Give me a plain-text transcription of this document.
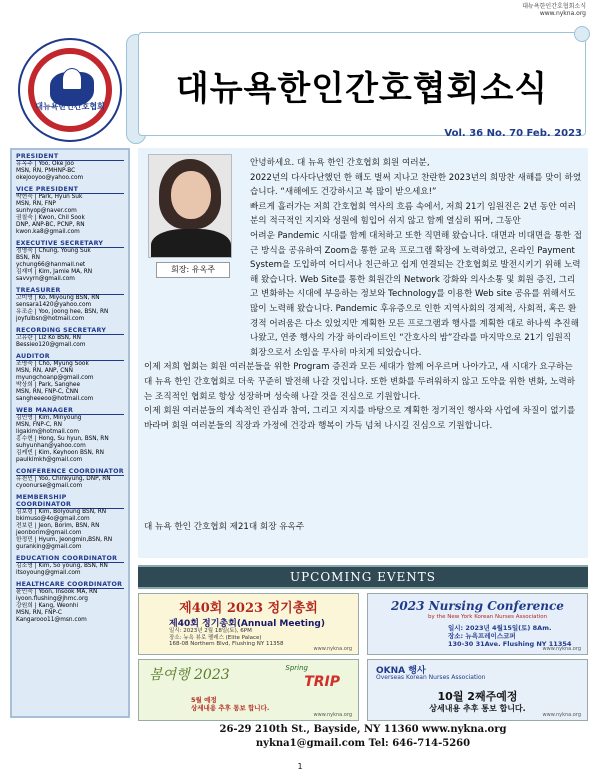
대뉴욕한인간호협회소식
www.nykna.org
대뉴욕한인간호협회	대뉴욕한인간호협회소식
Vol. 36 No. 70 Feb. 2023
PRESIDENT
유옥주 | Yoo, Oke Joo
MSN, RN, PMHNP-BC
okejooyoo@yahoo.com
VICE PRESIDENT
박현숙 | Park, Hyun Suk
MSN, RN, FNP
sunhyop@naver.com
권칠숙 | Kwon, Chil Sook
DNP, ANP-BC, PCNP, RN
kwon.ka8@gmail.com
EXECUTIVE SECRETARY
정영숙 | Chung, Young Suk
BSN, RN
ychung66@hanmail.net
김재미 | Kim, Jamie MA, RN
savvyrn@gmail.com
TREASURER
고미영 | Ko, Miyoung BSN, RN
sensara1420@yahoo.com
유조순 | Yoo, joong hee, BSN, RN
joyfulbsn@hotmail.com
RECORDING SECRETARY
고유란 | Liz Ko BSN, RN
Bessieo120@gmail.com
AUDITOR
조명숙 | Cho, Myung Sook
MSN, RN, ANP, CNN
myungchoanp@gmail.com
박상희 | Park, Sanghee
MSN, RN, FNP-C, CNN
sangheeeoo@hotmail.com
WEB MANAGER
김민영 | Kim, Minyoung
MSN, FNP-C, RN
ligakim@hotmail.com
홍수현 | Hong, Su hyun, BSN, RN
suhyunhan@yahoo.com
김케빈 | Kim, Keyhoon BSN, RN
paulkimkh@gmail.com
CONFERENCE COORDINATOR
유천민 | Yoo, Chinkyung, DNP, RN
cyoonurse@gmail.com
MEMBERSHIP COORDINATOR
김보령 | Kim, Bolyoung BSN, RN
bkimuso@4o@gmail.com
전보린 | Jeon, Borim, BSN, RN
jeonborim@gmail.com
한정민 | Hyum, Jeongmin,BSN, RN
guranking@gmail.com
EDUCATION COORDINATOR
김소영 | Kim, So young, BSN, RN
itsoyoung@gmail.com
HEALTHCARE COORDINATOR
윤인숙 | Yoon, Insook MA, RN
iyoon.flushing@jhmc.org
강원희 | Kang, Weonhi
MSN, RN, FNP-C
Kangarooo11@msn.com
회장: 유옥주

안녕하세요. 대 뉴욕 한인 간호협회 회원 여러분,

2022년의 다사다난했던 한 해도 벌써 지나고 찬란한 2023년의 희망찬 새해를 맞이 하였습니다. “새해에도 건강하시고 복 많이 받으세요!”

빠르게 흘러가는 저희 간호협회 역사의 흐름 속에서, 저희 21기 임원진은 2년 동안 여러분의 적극적인 지지와 성원에 힘입어 쉬지 않고 함께 열심히 뛰며, 그동안

어려운 Pandemic 시대를 함께 대처하고 또한 직면해 왔습니다. 대면과 비대면을 통한 접근 방식을 공유하여 Zoom을 통한 교육 프로그램 확장에 노력하였고, 온라인 Payment System을 도입하여 어디서나 친근하고 쉽게 연결되는 간호협회로 발전시키기 위해 노력해 왔습니다. Web Site를 통한 회원간의 Network 강화와 의사소통 및 회원 증진, 그리고 변화하는 시대에 부응하는 정보와 Technology를 이용한 Web site 공유를 위해서도 많이 노력해 왔습니다. Pandemic 후유증으로 인한 지역사회의 경제적, 사회적, 혹은 환경적 어려움은 다소 있었지만 계획한 모든 프로그램과 행사를 계획한 대로 하나씩 추진해 나왔고, 연중 행사의 가장 하이라이트인 “간호사의 밤”갈라를 마지막으로 21기 임원직 회장으로서 소임을 무사히 마치게 되었습니다.

이제 저희 협회는 회원 여러분들을 위한 Program 증진과 모든 세대가 함께 어우르며 나아가고, 새 시대가 요구하는 대 뉴욕 한인 간호협회로 더욱 꾸준히 발전해 나갈 것입니다. 또한 변화를 두려워하지 않고 도약을 위한 변화, 노력하는 조직적인 협회로 항상 성장하며 성숙해 나갈 것을 진심으로 기원합니다.

이제 회원 여러분들의 계속적인 관심과 참여, 그리고 지지를 바탕으로 계획한 정기적인 행사와 사업에 차질이 없기를 바라며 회원 여러분들의 직장과 가정에 건강과 행복이 가득 넘쳐 나시길 진심으로 기원합니다.

대 뉴욕 한인 간호협회 제21대 회장 유옥주
UPCOMING EVENTS
제40회 2023 정기총회
제40회 정기총회(Annual Meeting)
일시: 2023년 2월 18일(토), 6PM
장소: 뉴욕 뷰로 팰레스 (Elite Palace)
168-08 Northern Blvd, Flushing NY 11358
www.nykna.org
2023 Nursing Conference
by the New York Korean Nurses Association
일시: 2023년 4월15일(토) 8Am.
장소: 뉴욕프레이스코퍼
130-30 31Ave. Flushing NY 11354
www.nykna.org
봄여행 2023	Spring
TRIP
5월 예정
상세내용 추후 통보 합니다.
www.nykna.org
OKNA 행사
Overseas Korean Nurses Association
10월 2째주예정
상세내용 추후 통보 합니다.
www.nykna.org
26-29 210th St., Bayside, NY 11360 www.nykna.org
nykna1@gmail.com Tel: 646-714-5260
1
